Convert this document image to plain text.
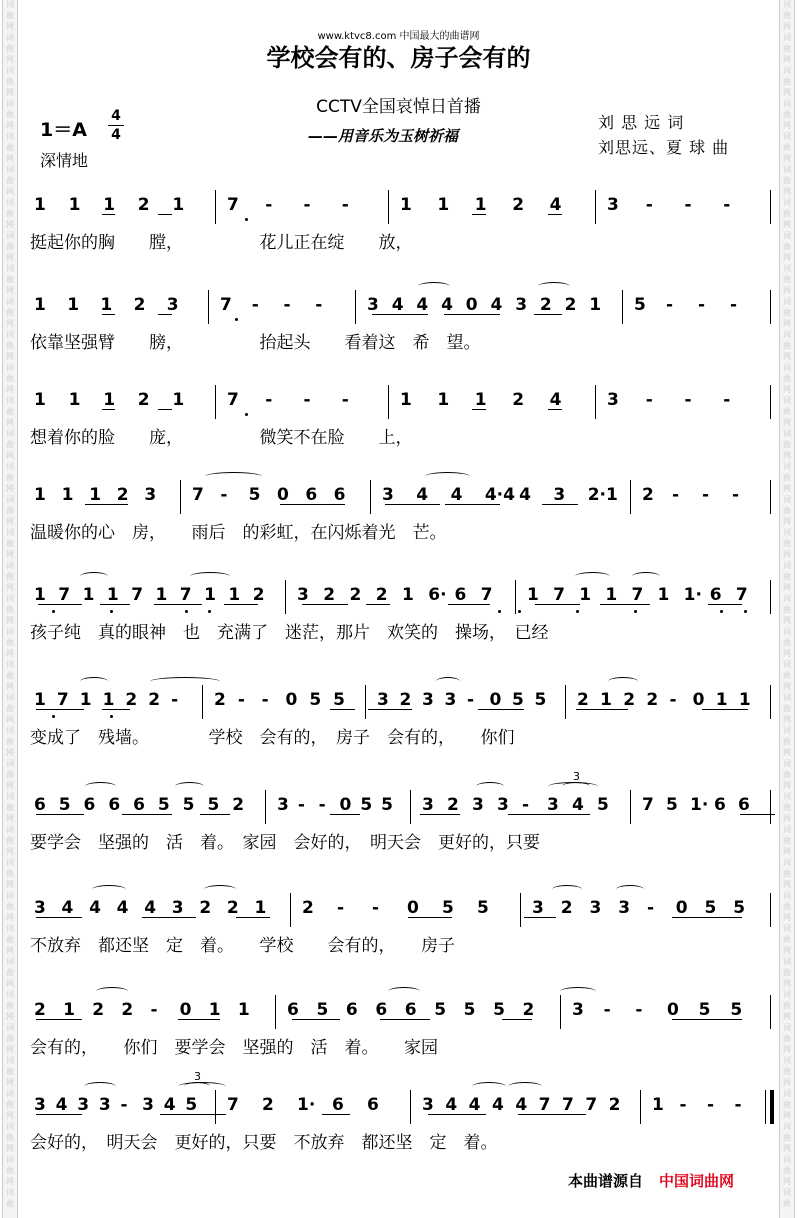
词
曲
网
词
曲
网
词
曲
网
词
曲
网
词
曲
网
词
曲
网
词
曲
网
词
曲
网
词
曲
网
词
曲
网
词
曲
网
词
曲
网
词
曲
网
词
曲
网
词
曲
网
词
曲
网
词
曲
网
词
曲
网
词
曲
网
词
曲
网
词
曲
网
词
曲
网
词
曲
网
词
曲
网
词
曲
网
词
曲
网
词
曲
网
词
曲
网
词
曲
网
词
曲
网
词
曲
网
词
曲
网
词
曲
网
词
曲
网
词
曲
网
词
曲
网
词
曲
词
曲
网
词
曲
网
词
曲
网
词
曲
网
词
曲
网
词
曲
网
词
曲
网
词
曲
网
词
曲
网
词
曲
网
词
曲
网
词
曲
网
词
曲
网
词
曲
网
词
曲
网
词
曲
网
词
曲
网
词
曲
网
词
曲
网
词
曲
网
词
曲
网
词
曲
网
词
曲
网
词
曲
网
词
曲
网
词
曲
网
词
曲
网
词
曲
网
词
曲
网
词
曲
网
词
曲
网
词
曲
网
词
曲
网
词
曲
网
词
曲
网
词
曲
网
词
曲
www.ktvc8.com 中国最大的曲谱网
学校会有的、房子会有的
CCTV全国哀悼日首播
——用音乐为玉树祈福
1＝A
4
4
深情地
刘 思 远 词
刘思远、夏 球 曲
1 1 1 2 1	7 - - -	1 1 1 2 4	3 - - -
挺起你的胸　　膛，　　　　　花儿正在绽　　放，
1 1 1 2 3 7 - - -	3 4 4 4 0 4 3 2 2 1 5 - - -
依靠坚强臂　　膀，　　　　　抬起头　　看着这　希　望。
1 1 1 2 1	7 - - -	1 1 1 2 4	3 - - -
想着你的脸　　庞，　　　　　微笑不在脸　　上，
1 1 1 2 3 7 - 5 0 6 6 3 4 4 4·4 4 3 2·1 2 - - -
温暖你的心　房，　　雨后　的彩虹，在闪烁着光　芒。
1 7 1 1 7 1 7 1 1 2 3 2 2 2 1 6· 6 7 1 7 1 1 7 1 1· 6 7
孩子纯　真的眼神　也　充满了　迷茫，那片　欢笑的　操场，　已经
1 7 1 1 2 2 - 2 - - 0 5 5 3 2 3 3 - 0 5 5 2 1 2 2 - 0 1 1
变成了　残墙。　　　　学校　会有的，　房子　会有的，　　你们
6 5 6 6 6 5 5 5 2 3 - - 0 5 5 3 2 3 3 - 3 4 5 7 5 1· 6 6
3
要学会　坚强的　活　着。　家园　会好的，　明天会　更好的，只要
3 4 4 4 4 3 2 2 1 2 - - 0 5 5	3 2 3 3 - 0 5 5
不放弃　都还坚　定　着。　　学校　　会有的，　　房子
2 1 2 2 - 0 1 1 6 5 6 6 6 5 5 5 2 3 - - 0 5 5
会有的，　　你们　要学会　坚强的　活　着。　　家园
3 4 3 3 - 3 4 5 7 2 1· 6 6	3 4 4 4 4 7 7 7 2 1 - - -
3
会好的，　明天会　更好的，只要　不放弃　都还坚　定　着。
本曲谱源自 中国词曲网
